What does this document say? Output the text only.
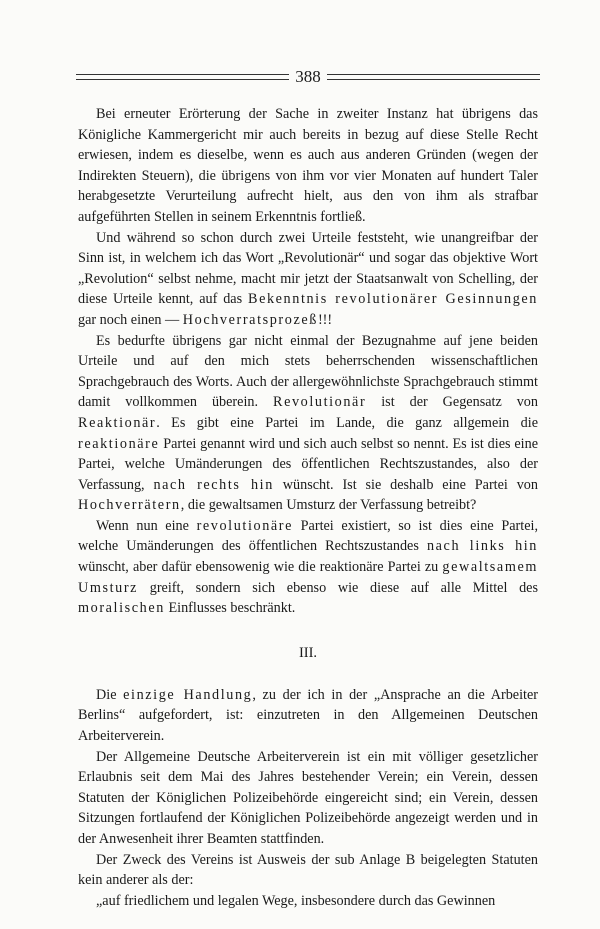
388

Bei erneuter Erörterung der Sache in zweiter Instanz hat übrigens das Königliche Kammergericht mir auch bereits in bezug auf diese Stelle Recht erwiesen, indem es dieselbe, wenn es auch aus anderen Gründen (wegen der Indirekten Steuern), die übrigens von ihm vor vier Monaten auf hundert Taler herabgesetzte Verurteilung aufrecht hielt, aus den von ihm als strafbar aufgeführten Stellen in seinem Erkenntnis fortließ.

Und während so schon durch zwei Urteile feststeht, wie unangreifbar der Sinn ist, in welchem ich das Wort „Revolutionär“ und sogar das objektive Wort „Revolution“ selbst nehme, macht mir jetzt der Staatsanwalt von Schelling, der diese Urteile kennt, auf das Bekenntnis revolutionärer Gesinnungen gar noch einen — Hochverratsprozeß!!!

Es bedurfte übrigens gar nicht einmal der Bezugnahme auf jene beiden Urteile und auf den mich stets beherrschenden wissenschaftlichen Sprachgebrauch des Worts. Auch der allergewöhnlichste Sprachgebrauch stimmt damit vollkommen überein. Revolutionär ist der Gegensatz von Reaktionär. Es gibt eine Partei im Lande, die ganz allgemein die reaktionäre Partei genannt wird und sich auch selbst so nennt. Es ist dies eine Partei, welche Umänderungen des öffentlichen Rechtszustandes, also der Verfassung, nach rechts hin wünscht. Ist sie deshalb eine Partei von Hochverrätern, die gewaltsamen Umsturz der Verfassung betreibt?

Wenn nun eine revolutionäre Partei existiert, so ist dies eine Partei, welche Umänderungen des öffentlichen Rechtszustandes nach links hin wünscht, aber dafür ebensowenig wie die reaktionäre Partei zu gewaltsamem Umsturz greift, sondern sich ebenso wie diese auf alle Mittel des moralischen Einflusses beschränkt.

III.

Die einzige Handlung, zu der ich in der „Ansprache an die Arbeiter Berlins“ aufgefordert, ist: einzutreten in den Allgemeinen Deutschen Arbeiterverein.

Der Allgemeine Deutsche Arbeiterverein ist ein mit völliger gesetzlicher Erlaubnis seit dem Mai des Jahres bestehender Verein; ein Verein, dessen Statuten der Königlichen Polizeibehörde eingereicht sind; ein Verein, dessen Sitzungen fortlaufend der Königlichen Polizeibehörde angezeigt werden und in der Anwesenheit ihrer Beamten stattfinden.

Der Zweck des Vereins ist Ausweis der sub Anlage B beigelegten Statuten kein anderer als der:

„auf friedlichem und legalen Wege, insbesondere durch das Gewinnen
